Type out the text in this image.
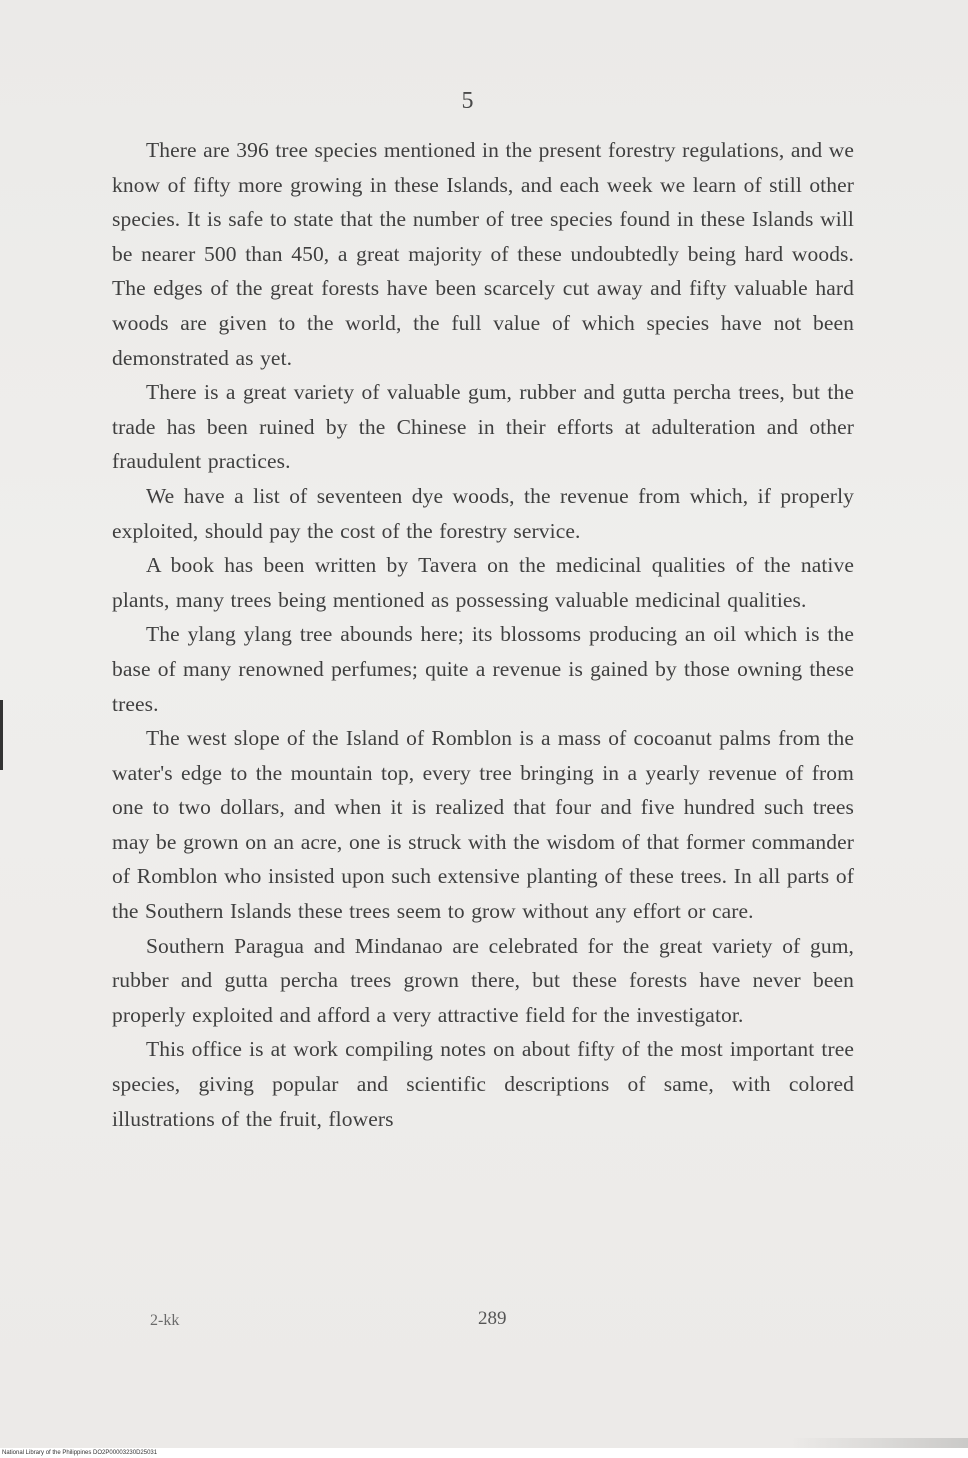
5

There are 396 tree species mentioned in the present forestry regulations, and we know of fifty more growing in these Islands, and each week we learn of still other species. It is safe to state that the number of tree species found in these Islands will be nearer 500 than 450, a great majority of these undoubtedly being hard woods. The edges of the great forests have been scarcely cut away and fifty valuable hard woods are given to the world, the full value of which species have not been demonstrated as yet.

There is a great variety of valuable gum, rubber and gutta percha trees, but the trade has been ruined by the Chinese in their efforts at adulteration and other fraudulent practices.

We have a list of seventeen dye woods, the revenue from which, if properly exploited, should pay the cost of the forestry service.

A book has been written by Tavera on the medicinal qualities of the native plants, many trees being mentioned as possessing valuable medicinal qualities.

The ylang ylang tree abounds here; its blossoms producing an oil which is the base of many renowned perfumes; quite a revenue is gained by those owning these trees.

The west slope of the Island of Romblon is a mass of cocoanut palms from the water's edge to the mountain top, every tree bringing in a yearly revenue of from one to two dollars, and when it is realized that four and five hundred such trees may be grown on an acre, one is struck with the wisdom of that former commander of Romblon who insisted upon such extensive planting of these trees. In all parts of the Southern Islands these trees seem to grow without any effort or care.

Southern Paragua and Mindanao are celebrated for the great variety of gum, rubber and gutta percha trees grown there, but these forests have never been properly exploited and afford a very attractive field for the investigator.

This office is at work compiling notes on about fifty of the most important tree species, giving popular and scientific descriptions of same, with colored illustrations of the fruit, flowers

2-kk	289
National Library of the Philippines DO2P00003230D25031
